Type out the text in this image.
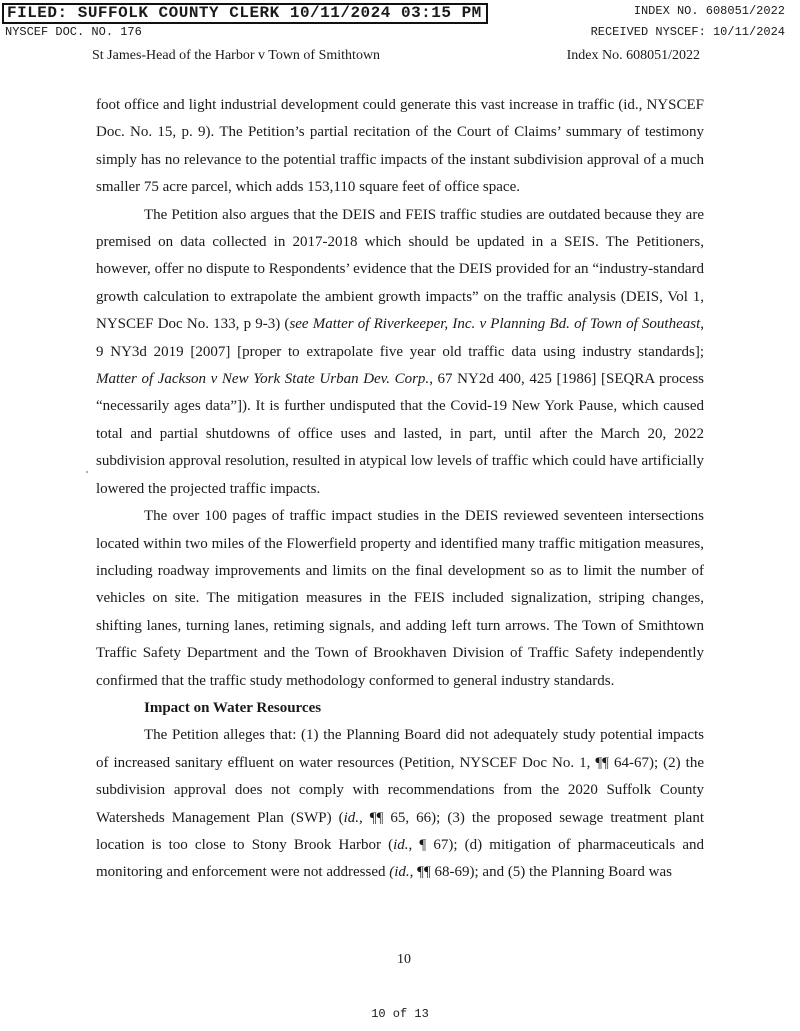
FILED: SUFFOLK COUNTY CLERK 10/11/2024 03:15 PM	INDEX NO. 608051/2022
NYSCEF DOC. NO. 176	RECEIVED NYSCEF: 10/11/2024
St James-Head of the Harbor v Town of Smithtown	Index No. 608051/2022

foot office and light industrial development could generate this vast increase in traffic (id., NYSCEF Doc. No. 15, p. 9). The Petition’s partial recitation of the Court of Claims’ summary of testimony simply has no relevance to the potential traffic impacts of the instant subdivision approval of a much smaller 75 acre parcel, which adds 153,110 square feet of office space.

The Petition also argues that the DEIS and FEIS traffic studies are outdated because they are premised on data collected in 2017-2018 which should be updated in a SEIS. The Petitioners, however, offer no dispute to Respondents’ evidence that the DEIS provided for an “industry-standard growth calculation to extrapolate the ambient growth impacts” on the traffic analysis (DEIS, Vol 1, NYSCEF Doc No. 133, p 9-3) (see Matter of Riverkeeper, Inc. v Planning Bd. of Town of Southeast, 9 NY3d 2019 [2007] [proper to extrapolate five year old traffic data using industry standards]; Matter of Jackson v New York State Urban Dev. Corp., 67 NY2d 400, 425 [1986] [SEQRA process “necessarily ages data”]). It is further undisputed that the Covid-19 New York Pause, which caused total and partial shutdowns of office uses and lasted, in part, until after the March 20, 2022 subdivision approval resolution, resulted in atypical low levels of traffic which could have artificially lowered the projected traffic impacts.

The over 100 pages of traffic impact studies in the DEIS reviewed seventeen intersections located within two miles of the Flowerfield property and identified many traffic mitigation measures, including roadway improvements and limits on the final development so as to limit the number of vehicles on site. The mitigation measures in the FEIS included signalization, striping changes, shifting lanes, turning lanes, retiming signals, and adding left turn arrows. The Town of Smithtown Traffic Safety Department and the Town of Brookhaven Division of Traffic Safety independently confirmed that the traffic study methodology conformed to general industry standards.

Impact on Water Resources

The Petition alleges that: (1) the Planning Board did not adequately study potential impacts of increased sanitary effluent on water resources (Petition, NYSCEF Doc No. 1, ¶¶ 64-67); (2) the subdivision approval does not comply with recommendations from the 2020 Suffolk County Watersheds Management Plan (SWP) (id., ¶¶ 65, 66); (3) the proposed sewage treatment plant location is too close to Stony Brook Harbor (id., ¶ 67); (d) mitigation of pharmaceuticals and monitoring and enforcement were not addressed (id., ¶¶ 68-69); and (5) the Planning Board was

10
10 of 13
